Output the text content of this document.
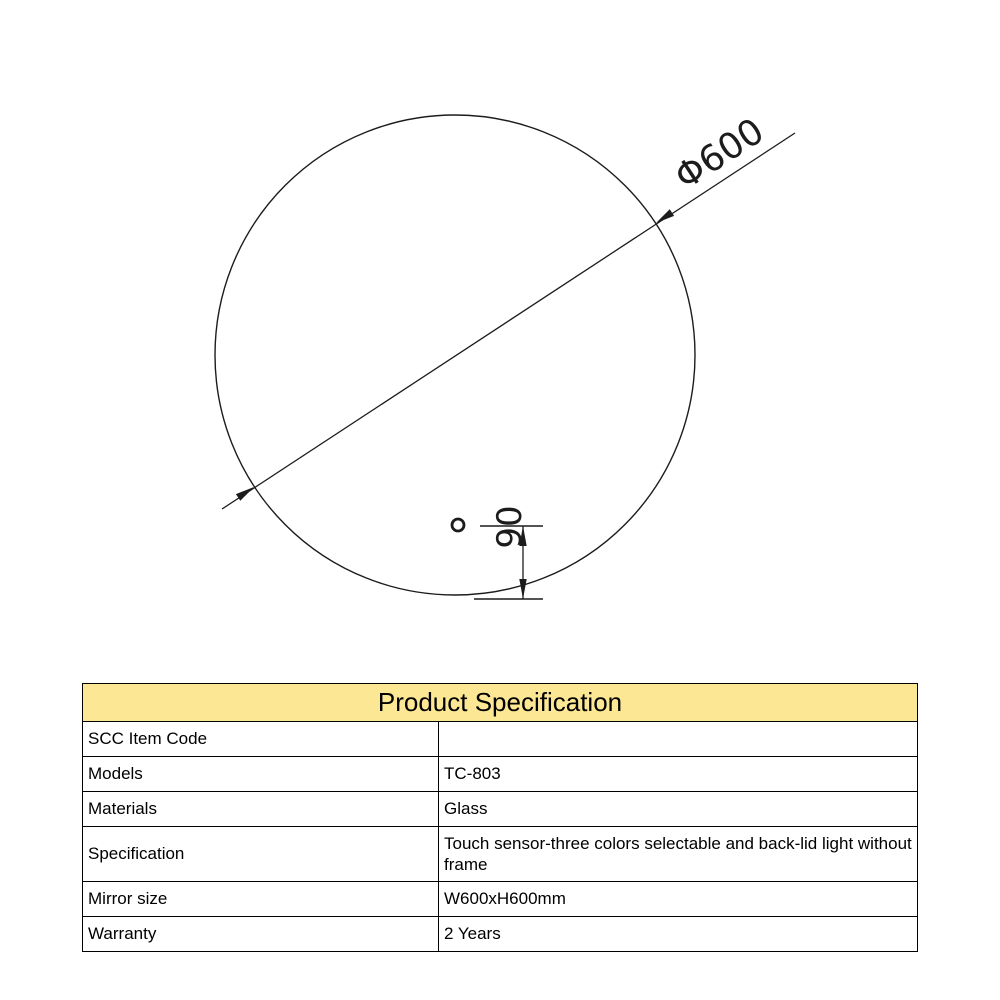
Φ600
90
Product Specification	
SCC Item Code	
Models	TC-803
Materials	Glass
Specification	Touch sensor-three colors selectable and back-lid light without frame
Mirror size	W600xH600mm
Warranty	2 Years
